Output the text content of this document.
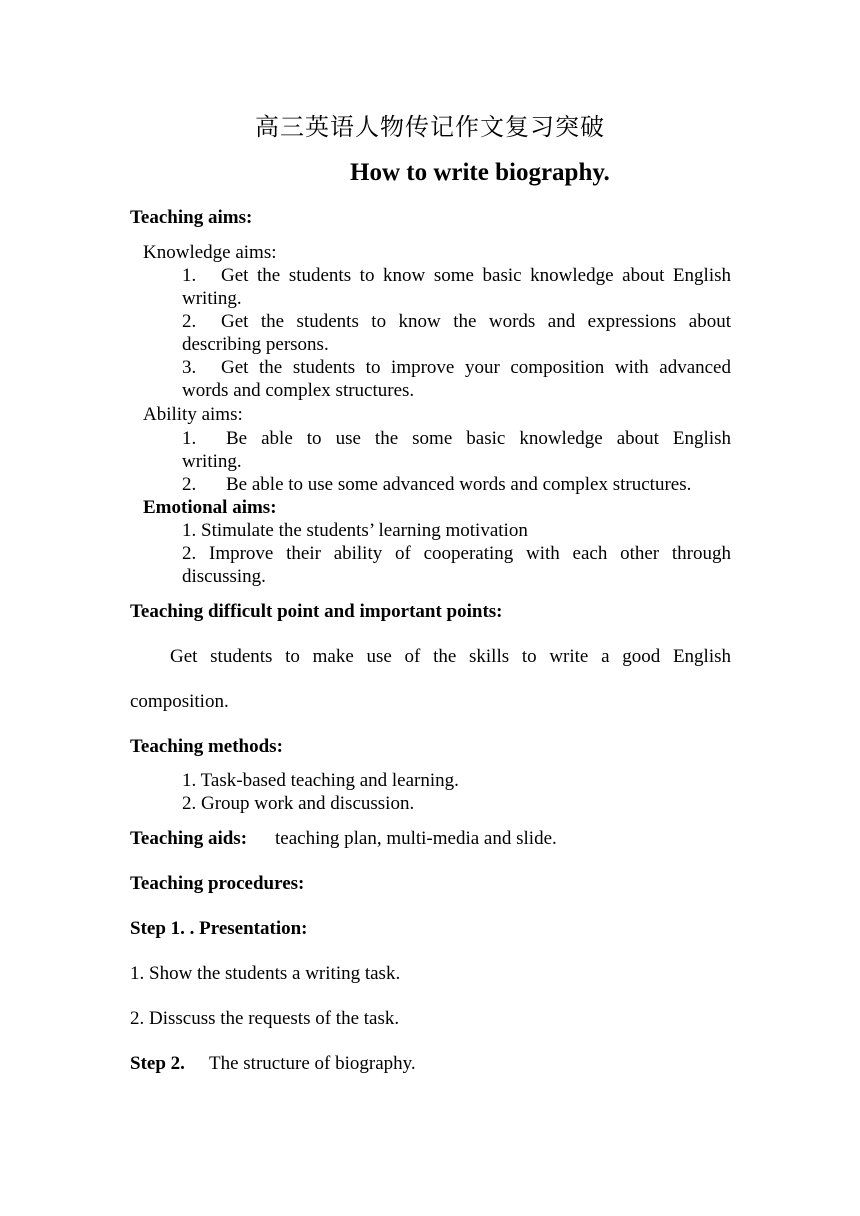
高三英语人物传记作文复习突破
How to write biography.
Teaching aims:
Knowledge aims:
1. Get the students to know some basic knowledge about English
writing.
2. Get the students to know the words and expressions about
describing persons.
3. Get the students to improve your composition with advanced
words and complex structures.
Ability aims:
1. Be able to use the some basic knowledge about English
writing.
2. Be able to use some advanced words and complex structures.
Emotional aims:
1. Stimulate the students’ learning motivation
2. Improve their ability of cooperating with each other through
discussing.
Teaching difficult point and important points:
Get students to make use of the skills to write a good English
composition.
Teaching methods:
1. Task-based teaching and learning.
2. Group work and discussion.
Teaching aids: teaching plan, multi-media and slide.
Teaching procedures:
Step 1. . Presentation:
1. Show the students a writing task.
2. Disscuss the requests of the task.
Step 2. The structure of biography.
